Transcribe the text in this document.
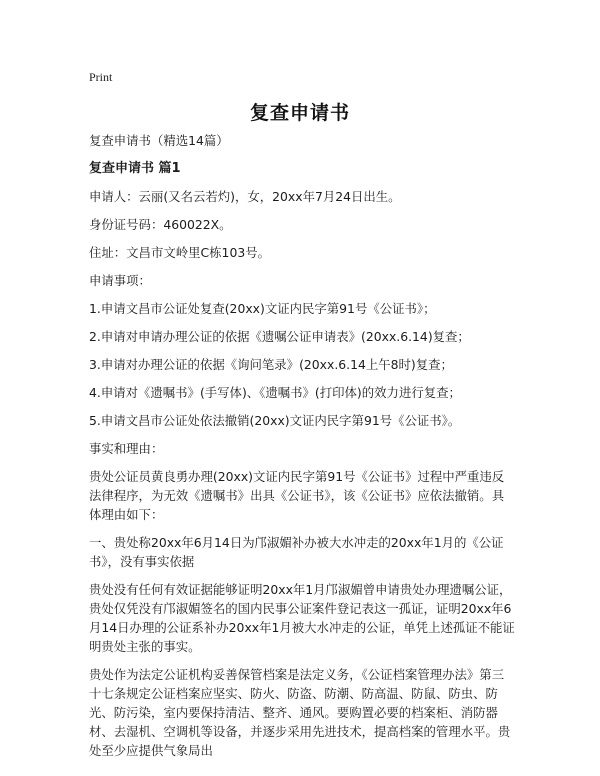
Print
复查申请书

复查申请书（精选14篇）

复查申请书 篇1

申请人：云丽(又名云若灼)，女，20xx年7月24日出生。

身份证号码：460022X。

住址：文昌市文岭里C栋103号。

申请事项：

1.申请文昌市公证处复查(20xx)文证内民字第91号《公证书》；

2.申请对申请办理公证的依据《遗嘱公证申请表》(20xx.6.14)复查；

3.申请对办理公证的依据《询问笔录》(20xx.6.14上午8时)复查；

4.申请对《遗嘱书》(手写体)、《遗嘱书》(打印体)的效力进行复查；

5.申请文昌市公证处依法撤销(20xx)文证内民字第91号《公证书》。

事实和理由：

贵处公证员黄良勇办理(20xx)文证内民字第91号《公证书》过程中严重违反法律程序，为无效《遗嘱书》出具《公证书》，该《公证书》应依法撤销。具体理由如下：

一、贵处称20xx年6月14日为邝淑媚补办被大水冲走的20xx年1月的《公证书》，没有事实依据

贵处没有任何有效证据能够证明20xx年1月邝淑媚曾申请贵处办理遗嘱公证，贵处仅凭没有邝淑媚签名的国内民事公证案件登记表这一孤证，证明20xx年6月14日办理的公证系补办20xx年1月被大水冲走的公证，单凭上述孤证不能证明贵处主张的事实。

贵处作为法定公证机构妥善保管档案是法定义务，《公证档案管理办法》第三十七条规定公证档案应坚实、防火、防盗、防潮、防高温、防鼠、防虫、防光、防污染，室内要保持清洁、整齐、通风。要购置必要的档案柜、消防器材、去湿机、空调机等设备，并逐步采用先进技术，提高档案的管理水平。贵处至少应提供气象局出
